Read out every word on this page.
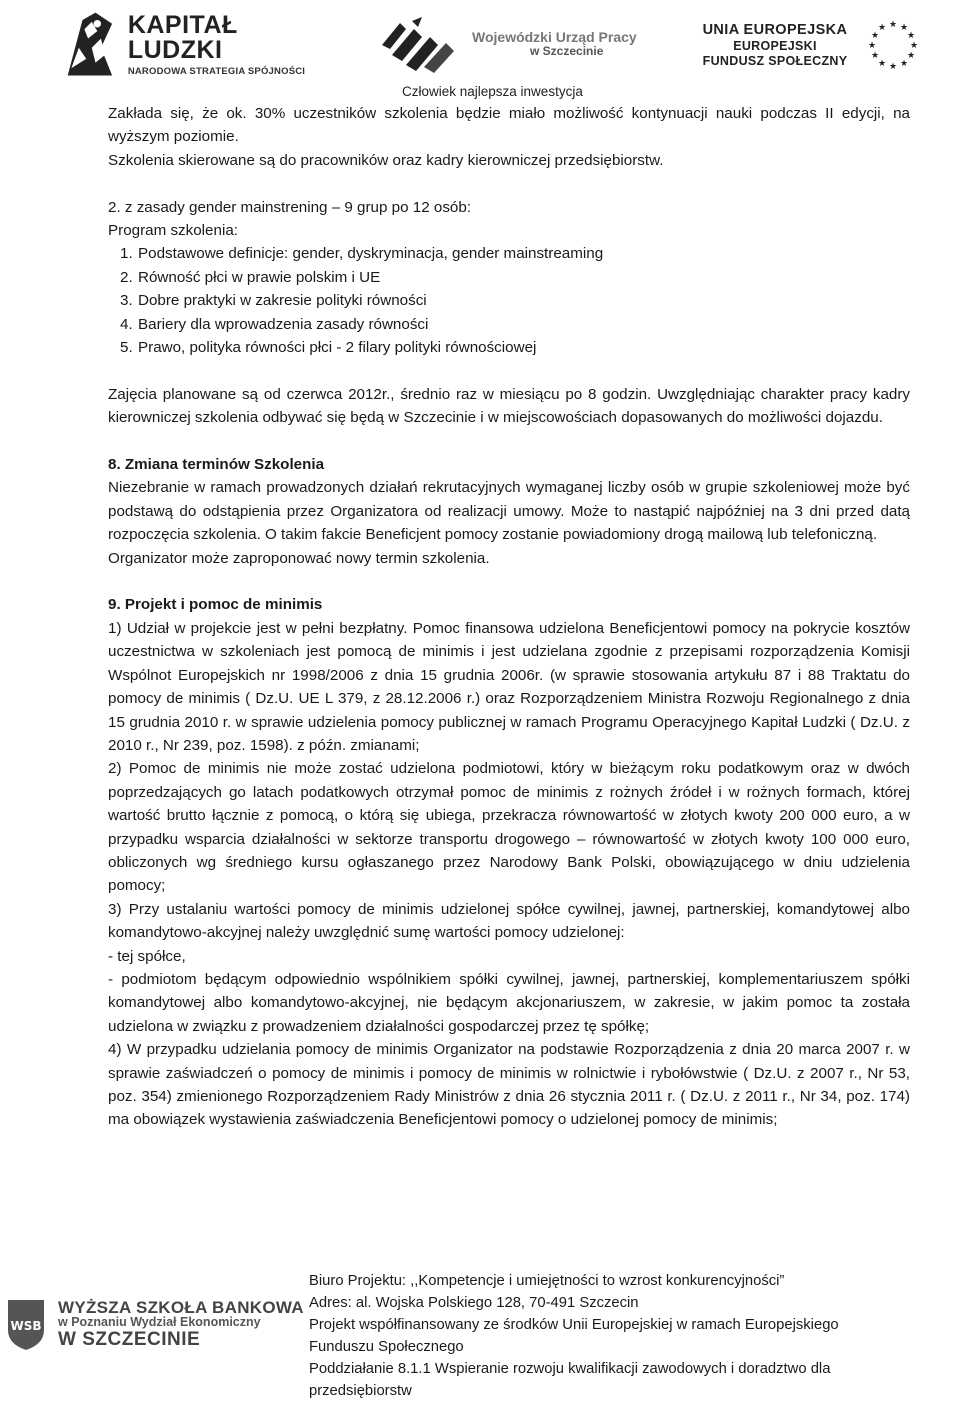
KAPITAŁ LUDZKI
NARODOWA STRATEGIA SPÓJNOŚCI
Wojewódzki Urząd Pracy
w Szczecinie
UNIA EUROPEJSKA
EUROPEJSKI
FUNDUSZ SPOŁECZNY
★ ★
★
★
★
★
★
★
★
★
★
★
Człowiek najlepsza inwestycja

Zakłada się, że ok. 30% uczestników szkolenia będzie miało możliwość kontynuacji nauki podczas II edycji, na wyższym poziomie.

Szkolenia skierowane są do pracowników oraz kadry kierowniczej przedsiębiorstw.

2. z zasady gender mainstrening – 9 grup po 12 osób:

Program szkolenia:

1. Podstawowe definicje: gender, dyskryminacja, gender mainstreaming
2. Równość płci w prawie polskim i UE
3. Dobre praktyki w zakresie polityki równości
4. Bariery dla wprowadzenia zasady równości
5. Prawo, polityka równości płci - 2 filary polityki równościowej

Zajęcia planowane są od czerwca 2012r., średnio raz w miesiącu po 8 godzin. Uwzględniając charakter pracy kadry kierowniczej szkolenia odbywać się będą w Szczecinie i w miejscowościach dopasowanych do możliwości dojazdu.

8. Zmiana terminów Szkolenia

Niezebranie w ramach prowadzonych działań rekrutacyjnych wymaganej liczby osób w grupie szkoleniowej może być podstawą do odstąpienia przez Organizatora od realizacji umowy. Może to nastąpić najpóźniej na 3 dni przed datą rozpoczęcia szkolenia. O takim fakcie Beneficjent pomocy zostanie powiadomiony drogą mailową lub telefoniczną.

Organizator może zaproponować nowy termin szkolenia.

9. Projekt i pomoc de minimis

1) Udział w projekcie jest w pełni bezpłatny. Pomoc finansowa udzielona Beneficjentowi pomocy na pokrycie kosztów uczestnictwa w szkoleniach jest pomocą de minimis i jest udzielana zgodnie z przepisami rozporządzenia Komisji Wspólnot Europejskich nr 1998/2006 z dnia 15 grudnia 2006r. (w sprawie stosowania artykułu 87 i 88 Traktatu do pomocy de minimis ( Dz.U. UE L 379, z 28.12.2006 r.) oraz Rozporządzeniem Ministra Rozwoju Regionalnego z dnia 15 grudnia 2010 r. w sprawie udzielenia pomocy publicznej w ramach Programu Operacyjnego Kapitał Ludzki ( Dz.U. z 2010 r., Nr 239, poz. 1598). z późn. zmianami;

2) Pomoc de minimis nie może zostać udzielona podmiotowi, który w bieżącym roku podatkowym oraz w dwóch poprzedzających go latach podatkowych otrzymał pomoc de minimis z rożnych źródeł i w rożnych formach, której wartość brutto łącznie z pomocą, o którą się ubiega, przekracza równowartość w złotych kwoty 200 000 euro, a w przypadku wsparcia działalności w sektorze transportu drogowego – równowartość w złotych kwoty 100 000 euro, obliczonych wg średniego kursu ogłaszanego przez Narodowy Bank Polski, obowiązującego w dniu udzielenia pomocy;

3) Przy ustalaniu wartości pomocy de minimis udzielonej spółce cywilnej, jawnej, partnerskiej, komandytowej albo komandytowo-akcyjnej należy uwzględnić sumę wartości pomocy udzielonej:

- tej spółce,

- podmiotom będącym odpowiednio wspólnikiem spółki cywilnej, jawnej, partnerskiej, komplementariuszem spółki komandytowej albo komandytowo-akcyjnej, nie będącym akcjonariuszem, w zakresie, w jakim pomoc ta została udzielona w związku z prowadzeniem działalności gospodarczej przez tę spółkę;

4) W przypadku udzielania pomocy de minimis Organizator na podstawie Rozporządzenia z dnia 20 marca 2007 r. w sprawie zaświadczeń o pomocy de minimis i pomocy de minimis w rolnictwie i rybołówstwie ( Dz.U. z 2007 r., Nr 53, poz. 354) zmienionego Rozporządzeniem Rady Ministrów z dnia 26 stycznia 2011 r. ( Dz.U. z 2011 r., Nr 34, poz. 174) ma obowiązek wystawienia zaświadczenia Beneficjentowi pomocy o udzielonej pomocy de minimis;

WSB
WYŻSZA SZKOŁA BANKOWA
w Poznaniu Wydział Ekonomiczny
W SZCZECINIE
Biuro Projektu: ,,Kompetencje i umiejętności to wzrost konkurencyjności”
Adres: al. Wojska Polskiego 128, 70-491 Szczecin
Projekt współfinansowany ze środków Unii Europejskiej w ramach Europejskiego
Funduszu Społecznego
Poddziałanie 8.1.1 Wspieranie rozwoju kwalifikacji zawodowych i doradztwo dla
przedsiębiorstw
